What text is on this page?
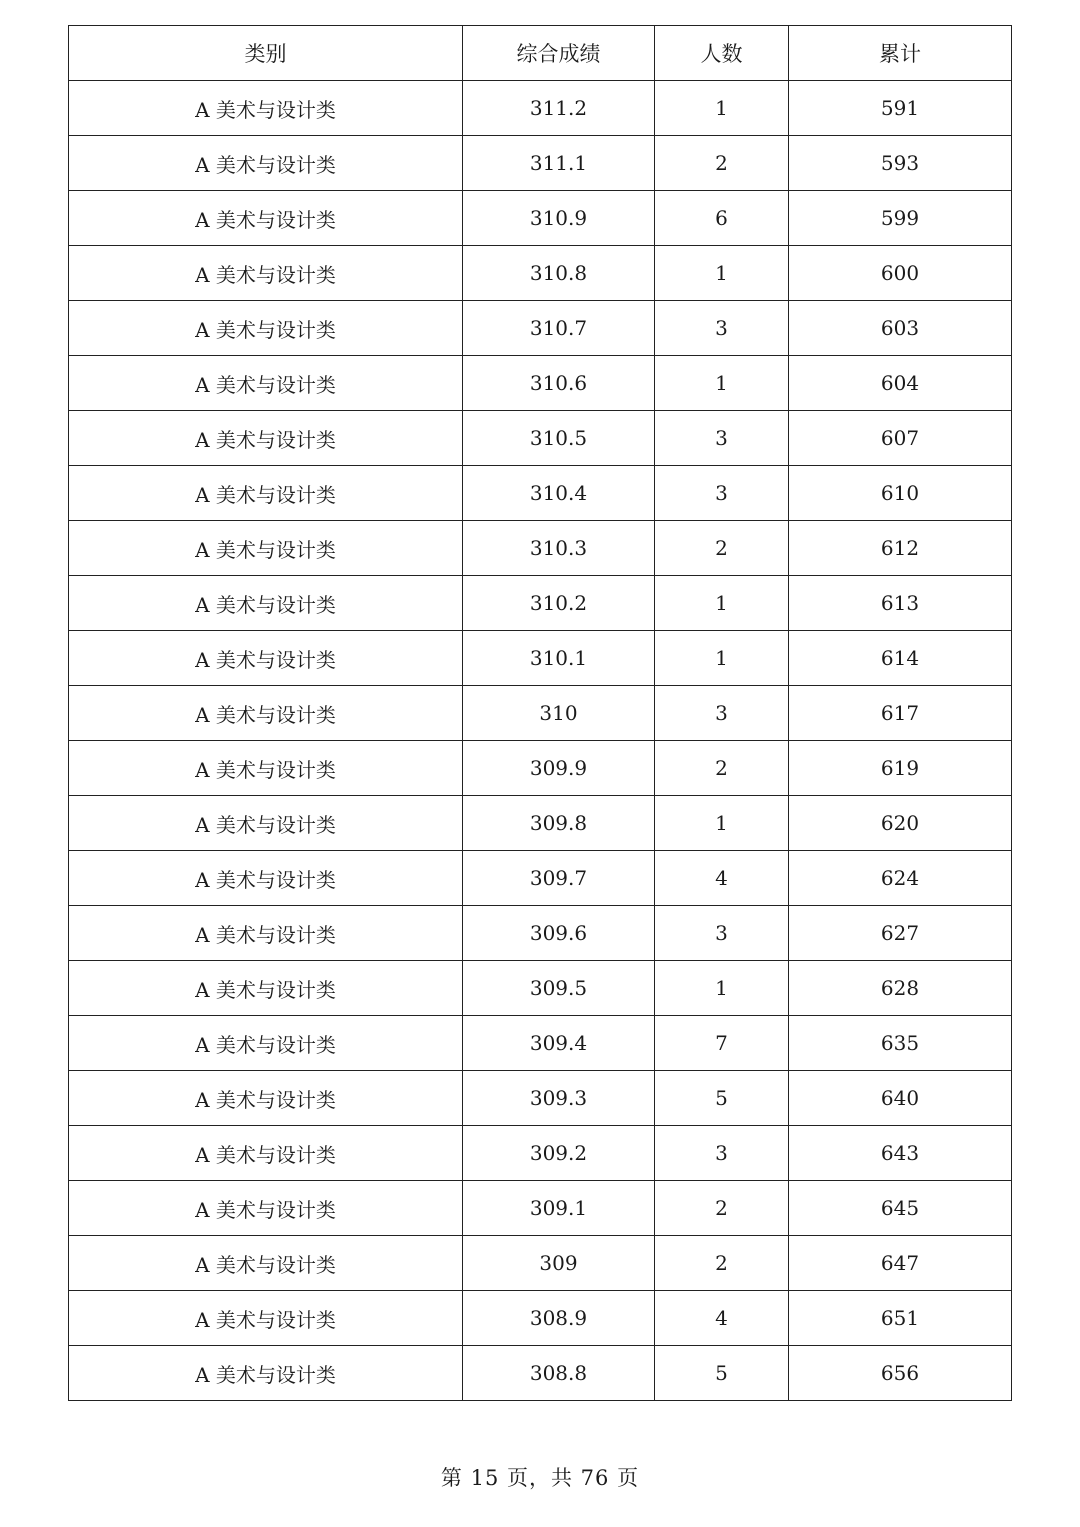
类别	综合成绩	人数	累计
A 美术与设计类	311.2	1	591
A 美术与设计类	311.1	2	593
A 美术与设计类	310.9	6	599
A 美术与设计类	310.8	1	600
A 美术与设计类	310.7	3	603
A 美术与设计类	310.6	1	604
A 美术与设计类	310.5	3	607
A 美术与设计类	310.4	3	610
A 美术与设计类	310.3	2	612
A 美术与设计类	310.2	1	613
A 美术与设计类	310.1	1	614
A 美术与设计类	310	3	617
A 美术与设计类	309.9	2	619
A 美术与设计类	309.8	1	620
A 美术与设计类	309.7	4	624
A 美术与设计类	309.6	3	627
A 美术与设计类	309.5	1	628
A 美术与设计类	309.4	7	635
A 美术与设计类	309.3	5	640
A 美术与设计类	309.2	3	643
A 美术与设计类	309.1	2	645
A 美术与设计类	309	2	647
A 美术与设计类	308.9	4	651
A 美术与设计类	308.8	5	656
第 15 页，共 76 页
